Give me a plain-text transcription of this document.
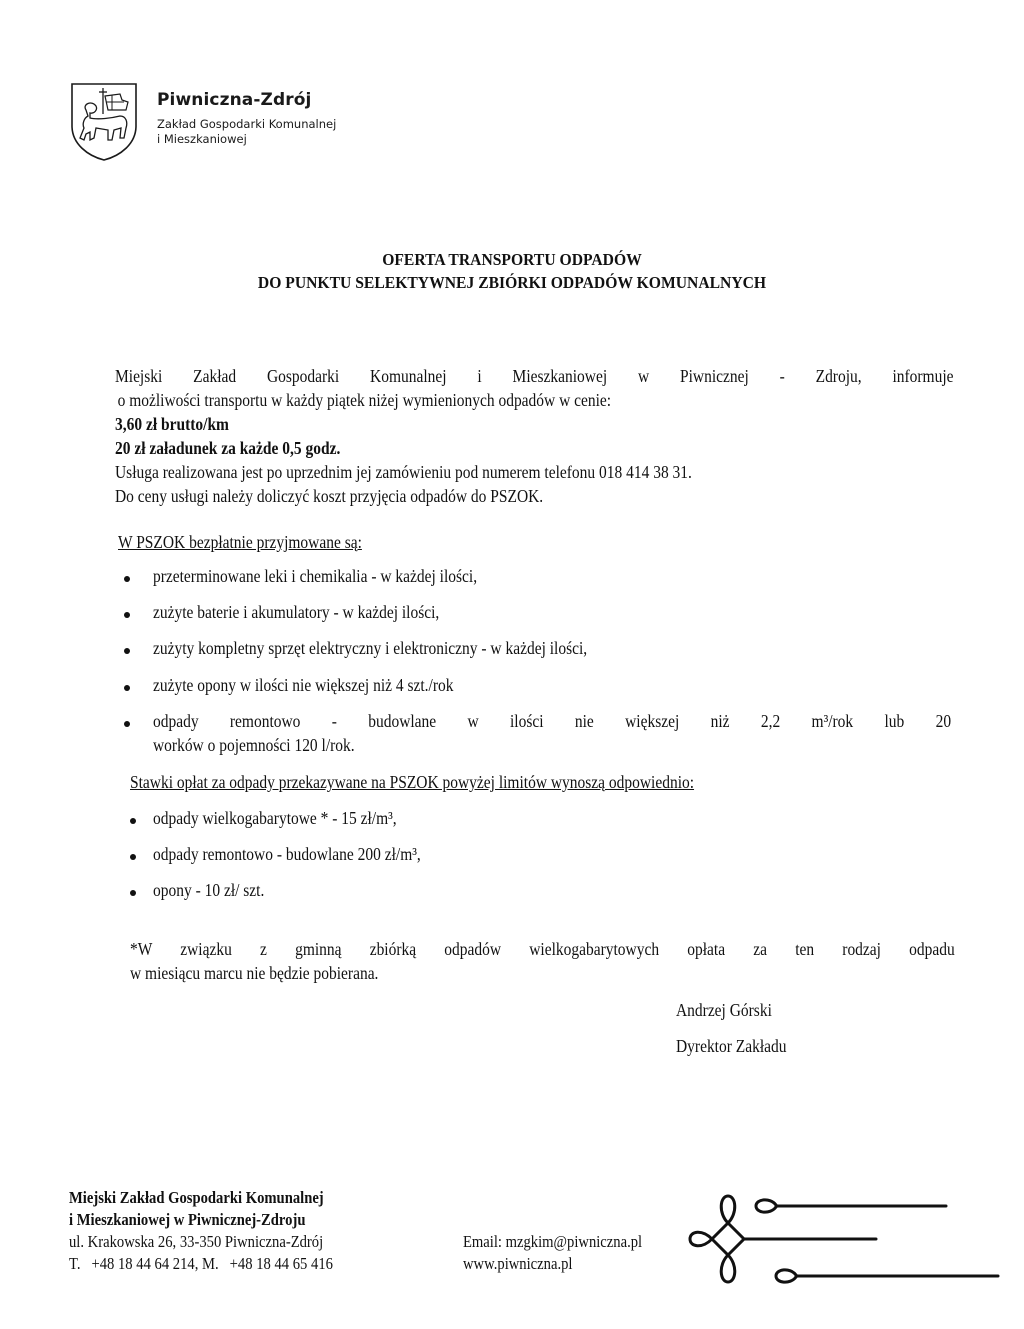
Piwniczna-Zdrój
Zakład Gospodarki Komunalnej
i Mieszkaniowej
OFERTA TRANSPORTU ODPADÓW
DO PUNKTU SELEKTYWNEJ ZBIÓRKI ODPADÓW KOMUNALNYCH
Miejski Zakład Gospodarki Komunalnej i Mieszkaniowej w Piwnicznej - Zdroju, informuje
o możliwości transportu w każdy piątek niżej wymienionych odpadów w cenie:
3,60 zł brutto/km
20 zł załadunek za każde 0,5 godz.
Usługa realizowana jest po uprzednim jej zamówieniu pod numerem telefonu 018 414 38 31.
Do ceny usługi należy doliczyć koszt przyjęcia odpadów do PSZOK.
W PSZOK bezpłatnie przyjmowane są:
przeterminowane leki i chemikalia - w każdej ilości,
zużyte baterie i akumulatory - w każdej ilości,
zużyty kompletny sprzęt elektryczny i elektroniczny - w każdej ilości,
zużyte opony w ilości nie większej niż 4 szt./rok
odpady remontowo - budowlane w ilości nie większej niż 2,2 m³/rok lub 20
worków o pojemności 120 l/rok.
Stawki opłat za odpady przekazywane na PSZOK powyżej limitów wynoszą odpowiednio:
odpady wielkogabarytowe * - 15 zł/m³,
odpady remontowo - budowlane 200 zł/m³,
opony - 10 zł/ szt.
*W związku z gminną zbiórką odpadów wielkogabarytowych opłata za ten rodzaj odpadu
w miesiącu marcu nie będzie pobierana.
Andrzej Górski
Dyrektor Zakładu
Miejski Zakład Gospodarki Komunalnej
i Mieszkaniowej w Piwnicznej-Zdroju
ul. Krakowska 26, 33-350 Piwniczna-Zdrój
T.   +48 18 44 64 214, M.   +48 18 44 65 416
Email: mzgkim@piwniczna.pl
www.piwniczna.pl
